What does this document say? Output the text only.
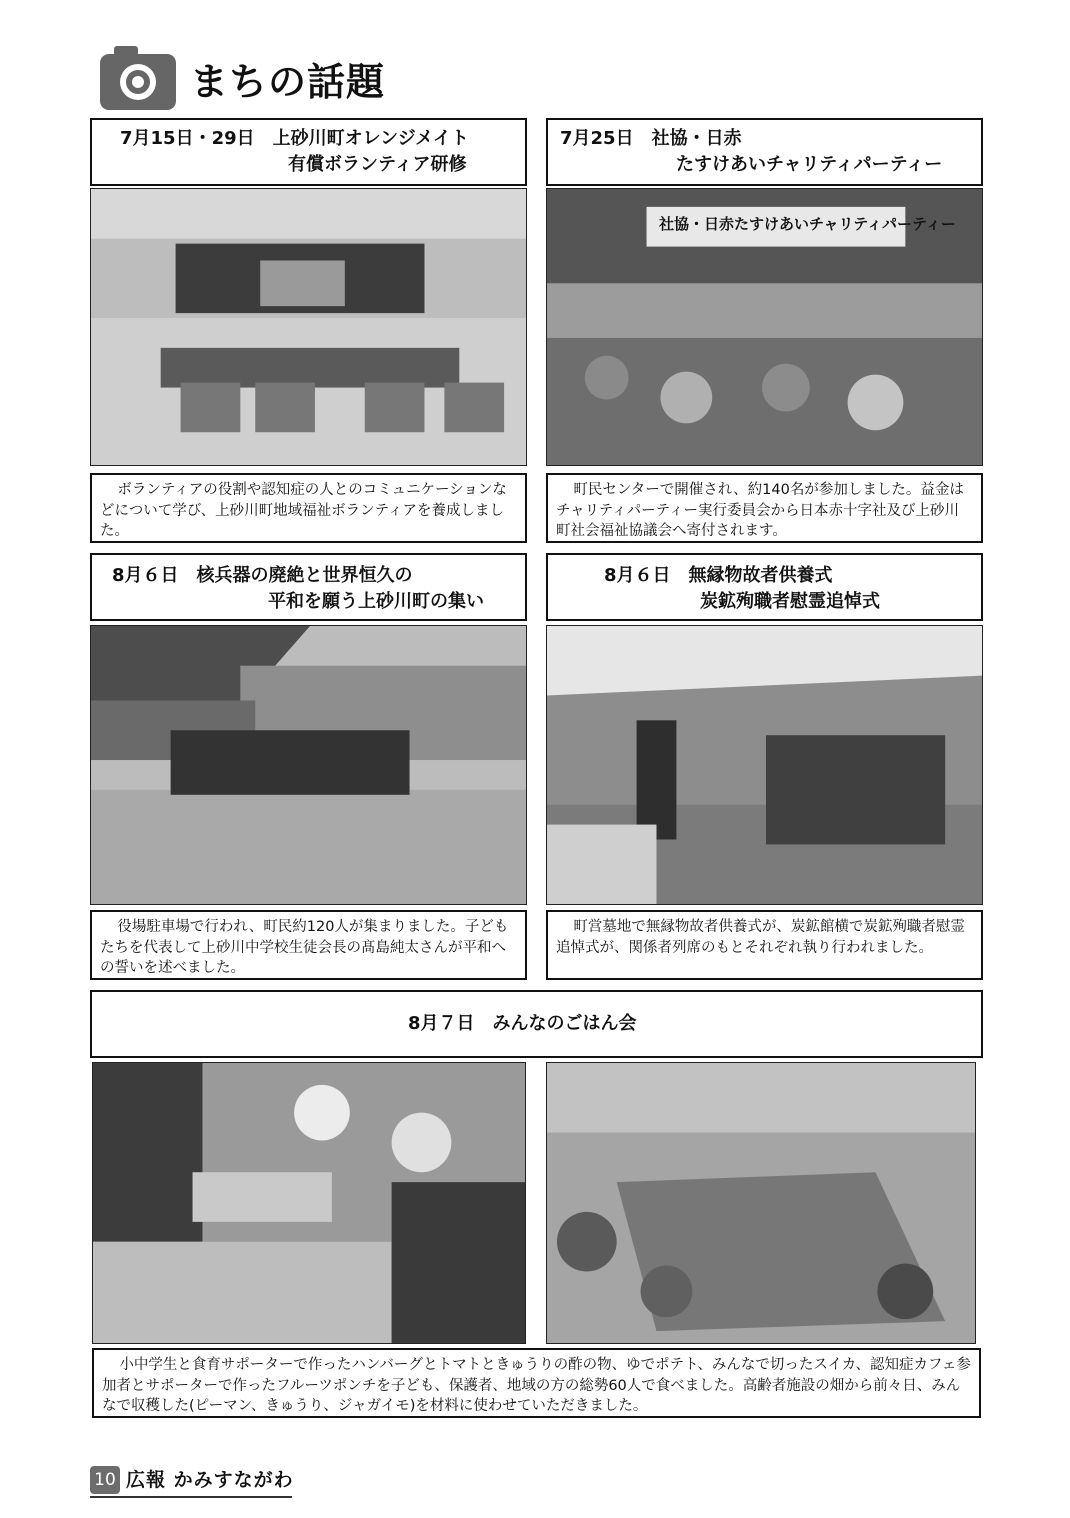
まちの話題
7月15日・29日　上砂川町オレンジメイト
有償ボランティア研修
ボランティアの役割や認知症の人とのコミュニケーションなどについて学び、上砂川町地域福祉ボランティアを養成しました。
7月25日　社協・日赤
たすけあいチャリティパーティー
社協・日赤たすけあいチャリティパーティー
町民センターで開催され、約140名が参加しました。益金はチャリティパーティー実行委員会から日本赤十字社及び上砂川町社会福祉協議会へ寄付されます。
8月６日　核兵器の廃絶と世界恒久の
平和を願う上砂川町の集い
役場駐車場で行われ、町民約120人が集まりました。子どもたちを代表して上砂川中学校生徒会長の髙島純太さんが平和への誓いを述べました。
8月６日　無縁物故者供養式
炭鉱殉職者慰霊追悼式
町営墓地で無縁物故者供養式が、炭鉱館横で炭鉱殉職者慰霊追悼式が、関係者列席のもとそれぞれ執り行われました。
8月７日　みんなのごはん会
小中学生と食育サポーターで作ったハンバーグとトマトときゅうりの酢の物、ゆでポテト、みんなで切ったスイカ、認知症カフェ参加者とサポーターで作ったフルーツポンチを子ども、保護者、地域の方の総勢60人で食べました。高齢者施設の畑から前々日、みんなで収穫した(ピーマン、きゅうり、ジャガイモ)を材料に使わせていただきました。
10 広報 かみすながわ
